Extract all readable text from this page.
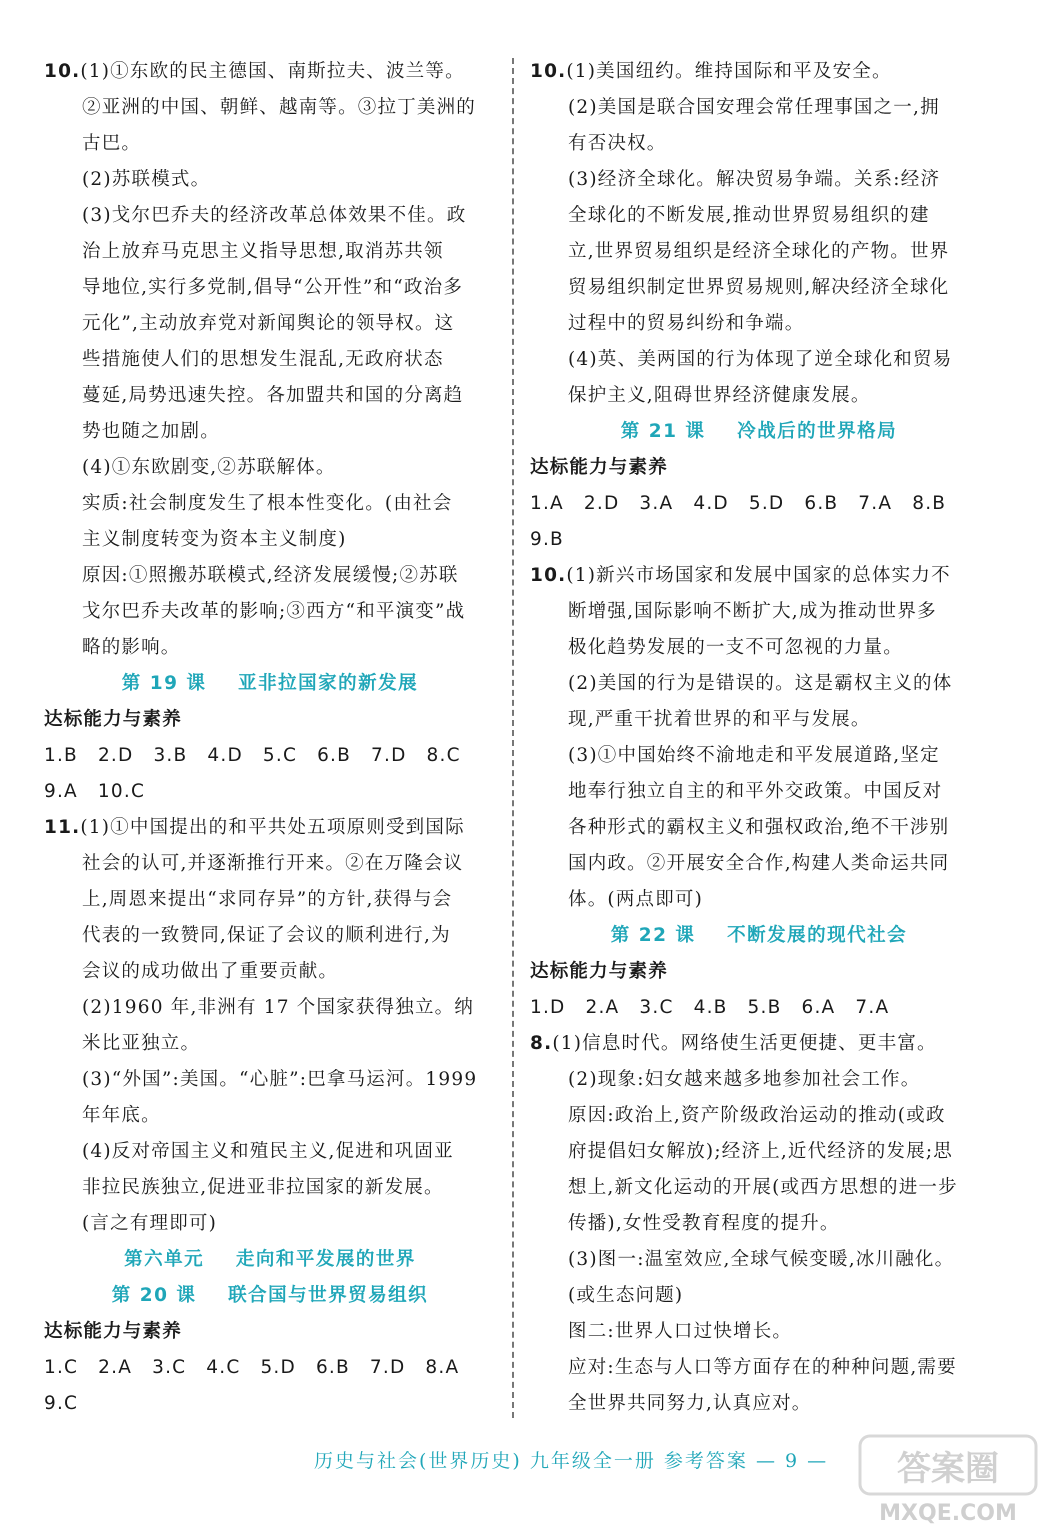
10.(1)①东欧的民主德国、南斯拉夫、波兰等。
②亚洲的中国、朝鲜、越南等。③拉丁美洲的
古巴。
(2)苏联模式。
(3)戈尔巴乔夫的经济改革总体效果不佳。政
治上放弃马克思主义指导思想,取消苏共领
导地位,实行多党制,倡导“公开性”和“政治多
元化”,主动放弃党对新闻舆论的领导权。这
些措施使人们的思想发生混乱,无政府状态
蔓延,局势迅速失控。各加盟共和国的分离趋
势也随之加剧。
(4)①东欧剧变,②苏联解体。
实质:社会制度发生了根本性变化。(由社会
主义制度转变为资本主义制度)
原因:①照搬苏联模式,经济发展缓慢;②苏联
戈尔巴乔夫改革的影响;③西方“和平演变”战
略的影响。
第 19 课    亚非拉国家的新发展
达标能力与素养
1.B 2.D 3.B 4.D 5.C 6.B 7.D 8.C
9.A 10.C
11.(1)①中国提出的和平共处五项原则受到国际
社会的认可,并逐渐推行开来。②在万隆会议
上,周恩来提出“求同存异”的方针,获得与会
代表的一致赞同,保证了会议的顺利进行,为
会议的成功做出了重要贡献。
(2)1960 年,非洲有 17 个国家获得独立。纳
米比亚独立。
(3)“外国”:美国。“心脏”:巴拿马运河。1999
年年底。
(4)反对帝国主义和殖民主义,促进和巩固亚
非拉民族独立,促进亚非拉国家的新发展。
(言之有理即可)
第六单元    走向和平发展的世界
第 20 课    联合国与世界贸易组织
达标能力与素养
1.C 2.A 3.C 4.C 5.D 6.B 7.D 8.A
9.C
10.(1)美国纽约。维持国际和平及安全。
(2)美国是联合国安理会常任理事国之一,拥
有否决权。
(3)经济全球化。解决贸易争端。关系:经济
全球化的不断发展,推动世界贸易组织的建
立,世界贸易组织是经济全球化的产物。世界
贸易组织制定世界贸易规则,解决经济全球化
过程中的贸易纠纷和争端。
(4)英、美两国的行为体现了逆全球化和贸易
保护主义,阻碍世界经济健康发展。
第 21 课    冷战后的世界格局
达标能力与素养
1.A 2.D 3.A 4.D 5.D 6.B 7.A 8.B
9.B
10.(1)新兴市场国家和发展中国家的总体实力不
断增强,国际影响不断扩大,成为推动世界多
极化趋势发展的一支不可忽视的力量。
(2)美国的行为是错误的。这是霸权主义的体
现,严重干扰着世界的和平与发展。
(3)①中国始终不渝地走和平发展道路,坚定
地奉行独立自主的和平外交政策。中国反对
各种形式的霸权主义和强权政治,绝不干涉别
国内政。②开展安全合作,构建人类命运共同
体。(两点即可)
第 22 课    不断发展的现代社会
达标能力与素养
1.D 2.A 3.C 4.B 5.B 6.A 7.A
8.(1)信息时代。网络使生活更便捷、更丰富。
(2)现象:妇女越来越多地参加社会工作。
原因:政治上,资产阶级政治运动的推动(或政
府提倡妇女解放);经济上,近代经济的发展;思
想上,新文化运动的开展(或西方思想的进一步
传播),女性受教育程度的提升。
(3)图一:温室效应,全球气候变暖,冰川融化。
(或生态问题)
图二:世界人口过快增长。
应对:生态与人口等方面存在的种种问题,需要
全世界共同努力,认真应对。
历史与社会(世界历史) 九年级全一册 参考答案 — 9 — 答案圈
MXQE.COM
